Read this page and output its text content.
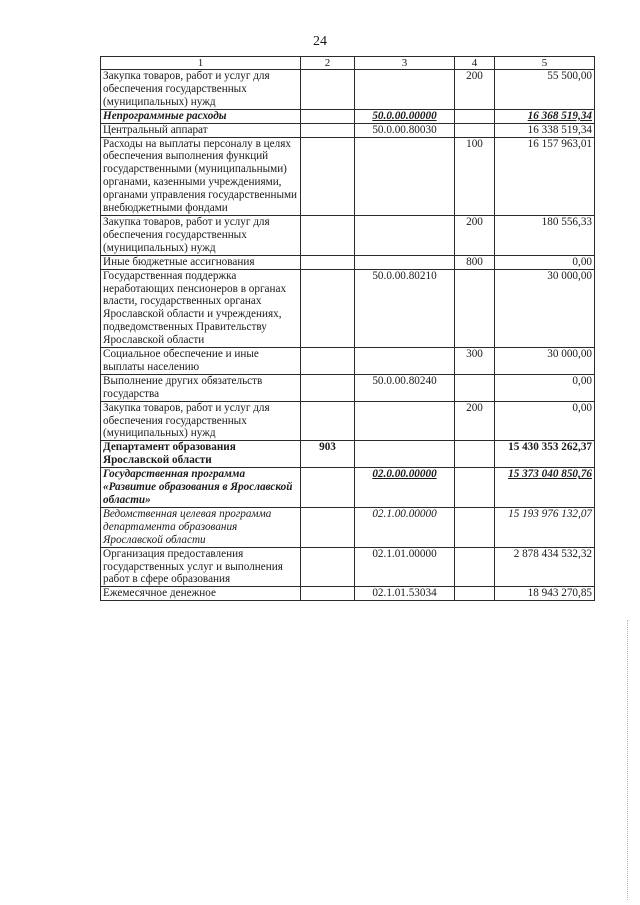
24
1	2	3	4	5
Закупка товаров, работ и услуг для обеспечения государственных (муниципальных) нужд			200	55 500,00
Непрограммные расходы		50.0.00.00000		16 368 519,34
Центральный аппарат		50.0.00.80030		16 338 519,34
Расходы на выплаты персоналу в целях обеспечения выполнения функций государственными (муниципальными) органами, казенными учреждениями, органами управления государственными внебюджетными фондами			100	16 157 963,01
Закупка товаров, работ и услуг для обеспечения государственных (муниципальных) нужд			200	180 556,33
Иные бюджетные ассигнования			800	0,00
Государственная поддержка неработающих пенсионеров в органах власти, государственных органах Ярославской области и учреждениях, подведомственных Правительству Ярославской области		50.0.00.80210		30 000,00
Социальное обеспечение и иные выплаты населению			300	30 000,00
Выполнение других обязательств государства		50.0.00.80240		0,00
Закупка товаров, работ и услуг для обеспечения государственных (муниципальных) нужд			200	0,00
Департамент образования Ярославской области	903			15 430 353 262,37
Государственная программа «Развитие образования в Ярославской области»		02.0.00.00000		15 373 040 850,76
Ведомственная целевая программа департамента образования Ярославской области		02.1.00.00000		15 193 976 132,07
Организация предоставления государственных услуг и выполнения работ в сфере образования		02.1.01.00000		2 878 434 532,32
Ежемесячное денежное		02.1.01.53034		18 943 270,85
